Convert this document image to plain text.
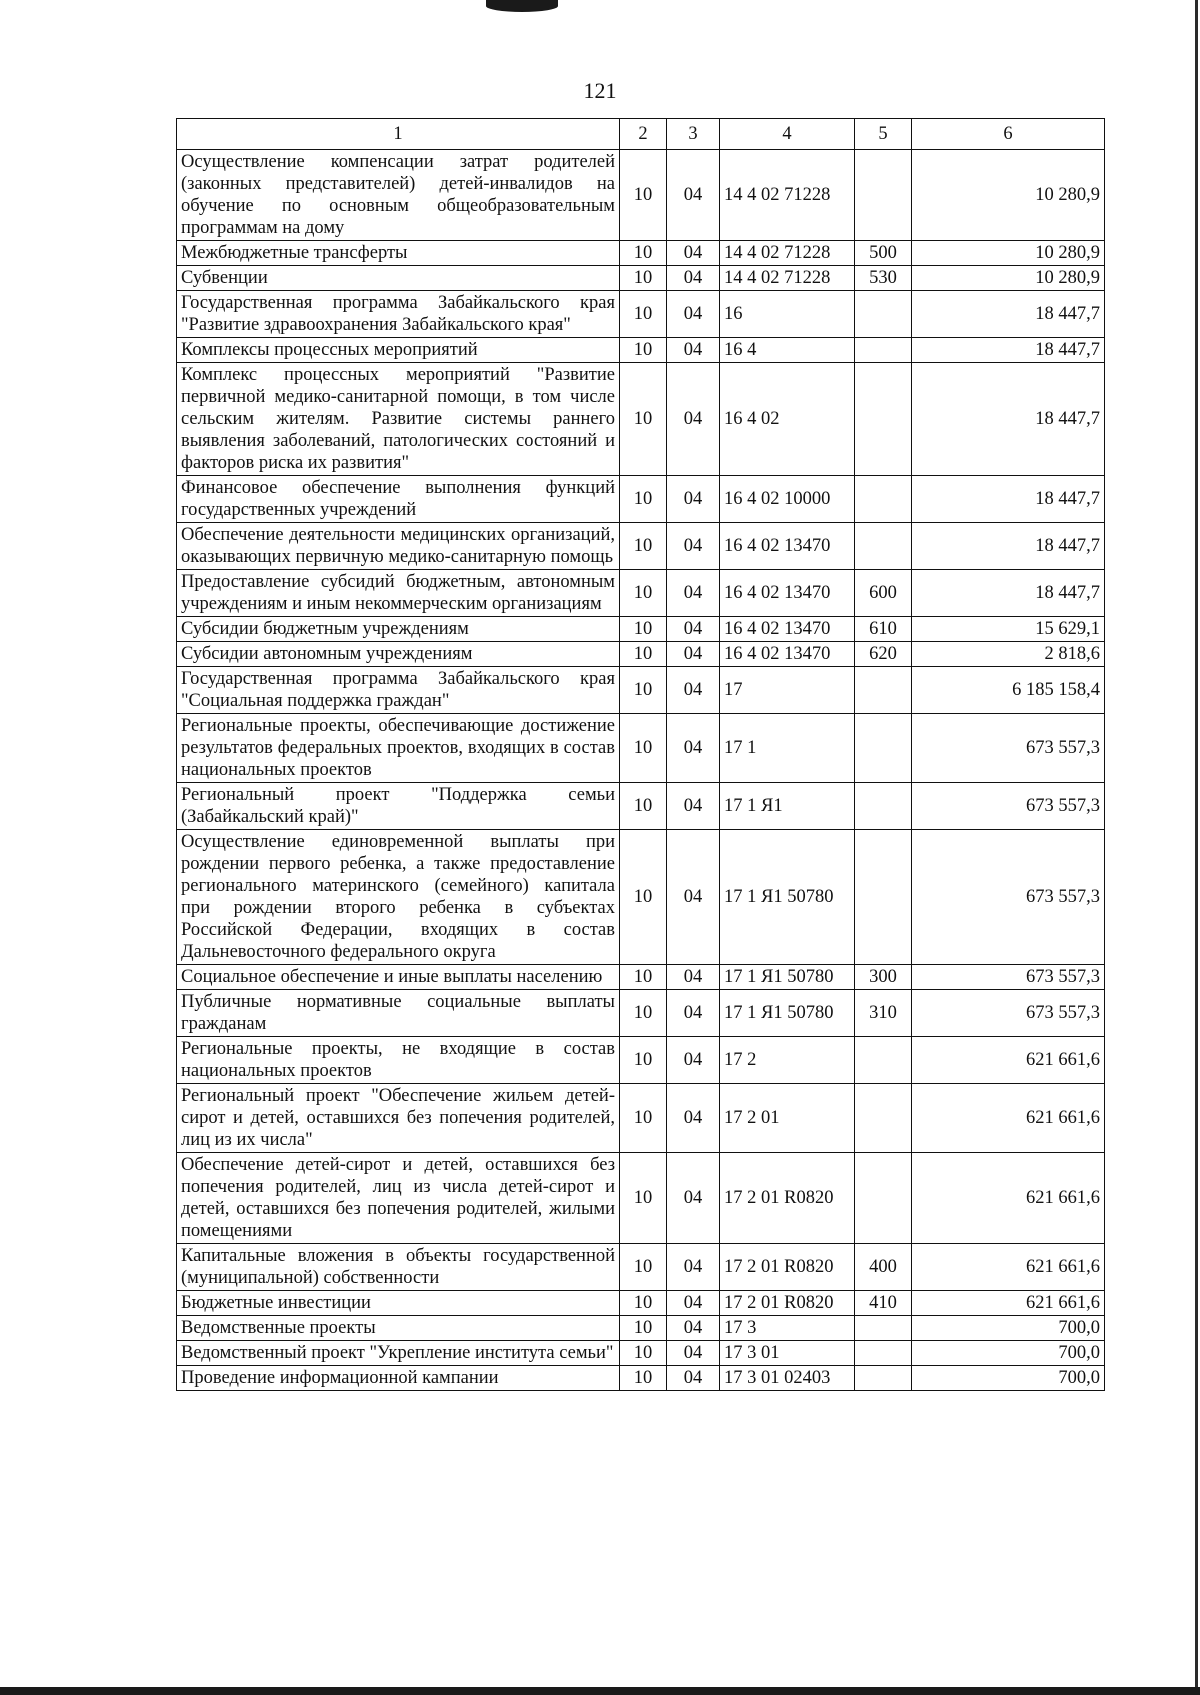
121
1	2	3	4	5	6
Осуществление компенсации затрат родителей (законных представителей) детей-инвалидов на обучение по основным общеобразовательным программам на дому	10	04	14 4 02 71228		10 280,9
Межбюджетные трансферты	10	04	14 4 02 71228	500	10 280,9
Субвенции	10	04	14 4 02 71228	530	10 280,9
Государственная программа Забайкальского края "Развитие здравоохранения Забайкальского края"	10	04	16		18 447,7
Комплексы процессных мероприятий	10	04	16 4		18 447,7
Комплекс процессных мероприятий "Развитие первичной медико-санитарной помощи, в том числе сельским жителям. Развитие системы раннего выявления заболеваний, патологических состояний и факторов риска их развития"	10	04	16 4 02		18 447,7
Финансовое обеспечение выполнения функций государственных учреждений	10	04	16 4 02 10000		18 447,7
Обеспечение деятельности медицинских организаций, оказывающих первичную медико-санитарную помощь	10	04	16 4 02 13470		18 447,7
Предоставление субсидий бюджетным, автономным учреждениям и иным некоммерческим организациям	10	04	16 4 02 13470	600	18 447,7
Субсидии бюджетным учреждениям	10	04	16 4 02 13470	610	15 629,1
Субсидии автономным учреждениям	10	04	16 4 02 13470	620	2 818,6
Государственная программа Забайкальского края "Социальная поддержка граждан"	10	04	17		6 185 158,4
Региональные проекты, обеспечивающие достижение результатов федеральных проектов, входящих в состав национальных проектов	10	04	17 1		673 557,3
Региональный проект "Поддержка семьи (Забайкальский край)"	10	04	17 1 Я1		673 557,3
Осуществление единовременной выплаты при рождении первого ребенка, а также предоставление регионального материнского (семейного) капитала при рождении второго ребенка в субъектах Российской Федерации, входящих в состав Дальневосточного федерального округа	10	04	17 1 Я1 50780		673 557,3
Социальное обеспечение и иные выплаты населению	10	04	17 1 Я1 50780	300	673 557,3
Публичные нормативные социальные выплаты гражданам	10	04	17 1 Я1 50780	310	673 557,3
Региональные проекты, не входящие в состав национальных проектов	10	04	17 2		621 661,6
Региональный проект "Обеспечение жильем детей-сирот и детей, оставшихся без попечения родителей, лиц из их числа"	10	04	17 2 01		621 661,6
Обеспечение детей-сирот и детей, оставшихся без попечения родителей, лиц из числа детей-сирот и детей, оставшихся без попечения родителей, жилыми помещениями	10	04	17 2 01 R0820		621 661,6
Капитальные вложения в объекты государственной (муниципальной) собственности	10	04	17 2 01 R0820	400	621 661,6
Бюджетные инвестиции	10	04	17 2 01 R0820	410	621 661,6
Ведомственные проекты	10	04	17 3		700,0
Ведомственный проект "Укрепление института семьи"	10	04	17 3 01		700,0
Проведение информационной кампании	10	04	17 3 01 02403		700,0
